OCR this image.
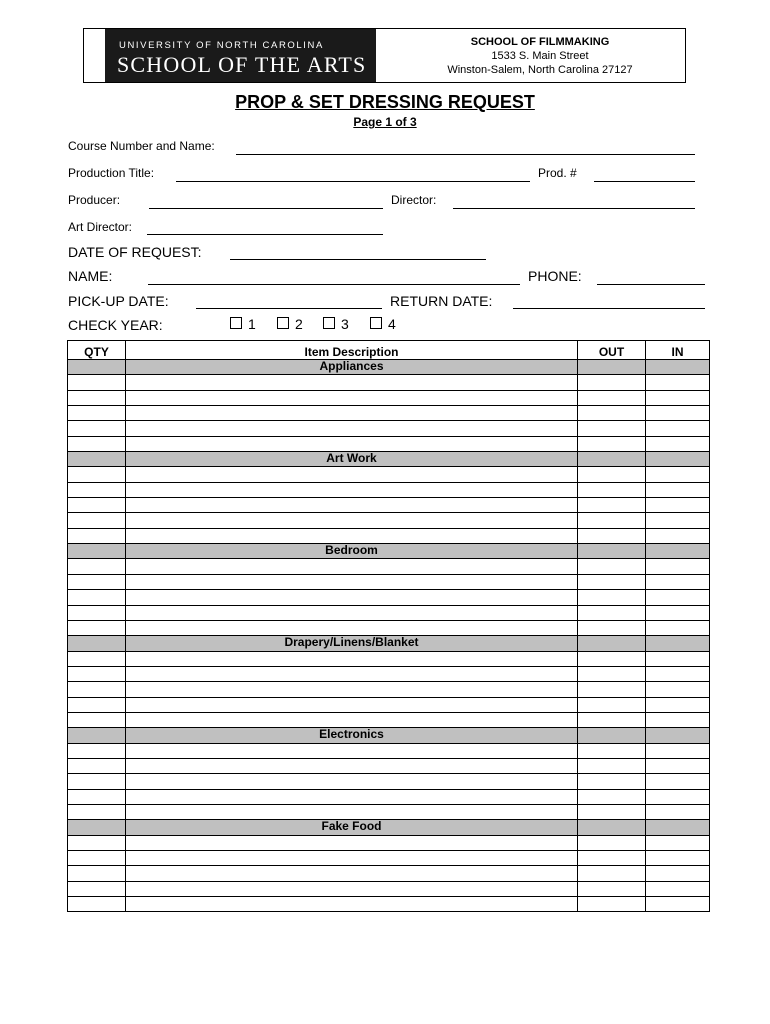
UNIVERSITY OF NORTH CAROLINA
SCHOOL OF THE ARTS
SCHOOL OF FILMMAKING
1533 S. Main Street
Winston-Salem, North Carolina 27127
PROP & SET DRESSING REQUEST
Page 1 of 3
Course Number and Name:
Production Title:	Prod. #
Producer:	Director:
Art Director:
DATE OF REQUEST:
NAME:	PHONE:
PICK-UP DATE:	RETURN DATE:
CHECK YEAR:	1	2	3	4
QTY	Item Description	OUT	IN
	Appliances		

	Art Work		

	Bedroom		

	Drapery/Linens/Blanket		

	Electronics		

	Fake Food		
